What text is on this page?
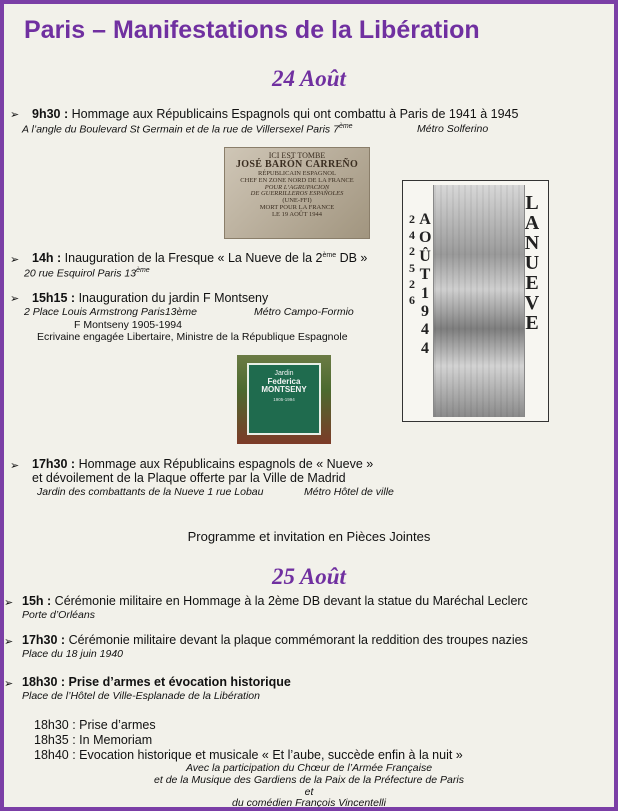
Paris – Manifestations de la Libération
24 Août
➢ 9h30 : Hommage aux Républicains Espagnols qui ont combattu à Paris de 1941 à 1945
A l’angle du Boulevard St Germain et de la rue de Villersexel Paris 7ème	Métro Solferino
ICI EST TOMBE
JOSÉ BARÓN CARREÑO
RÉPUBLICAIN ESPAGNOL
CHEF EN ZONE NORD DE LA FRANCE
POUR L’AGRUPACION
DE GUERRILLEROS ESPAÑOLES
(UNE-FFI)
MORT POUR LA FRANCE
LE 19 AOÛT 1944
➢ 14h : Inauguration de la Fresque « La Nueve de la 2ème DB »
20 rue Esquirol Paris 13ème
➢ 15h15 : Inauguration du jardin F Montseny
2 Place Louis Armstrong Paris13ème	Métro Campo-Formio
F Montseny 1905-1994
Ecrivaine engagée Libertaire, Ministre de la République Espagnole
Jardin
Federica MONTSENY
1905-1994
2
4
2
5
2
6
A
O
Û
T
1
9
4
4
L
A
N
U
E
V
E
➢ 17h30 : Hommage aux Républicains espagnols de « Nueve »
et dévoilement de la Plaque offerte par la Ville de Madrid
Jardin des combattants de la Nueve 1 rue Lobau	Métro Hôtel de ville
Programme et invitation en Pièces Jointes
25 Août
➢ 15h : Cérémonie militaire en Hommage à la 2ème DB devant la statue du Maréchal Leclerc
Porte d’Orléans
➢ 17h30 : Cérémonie militaire devant la plaque commémorant la reddition des troupes nazies
Place du 18 juin 1940
➢ 18h30 : Prise d’armes et évocation historique
Place de l’Hôtel de Ville-Esplanade de la Libération
18h30 : Prise d’armes
18h35 : In Memoriam
18h40 : Evocation historique et musicale « Et l’aube, succède enfin à la nuit »
Avec la participation du Chœur de l’Armée Française
et de la Musique des Gardiens de la Paix de la Préfecture de Paris
et
du comédien François Vincentelli
